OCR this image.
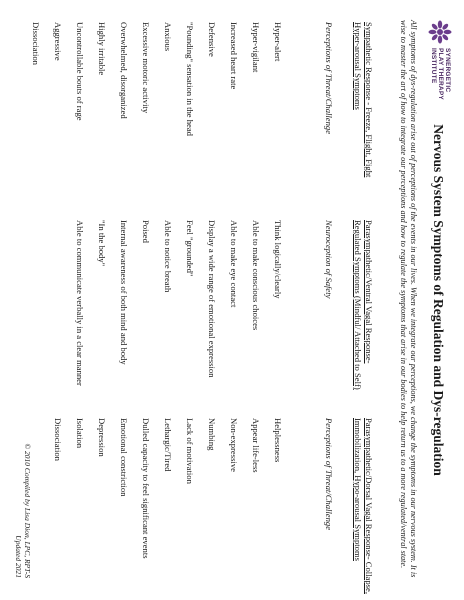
SYNERGETIC
PLAY THERAPY
INSTITUTE
Nervous System Symptoms of Regulation and Dys-regulation
All symptoms of dys-regulation arise out of perceptions of the events in our lives. When we integrate our perceptions, we change the symptoms in our nervous system. It is wise to master the art of how to integrate our perceptions and how to regulate the symptoms that arise in our bodies to help return us to a more regulated/ventral state.
Sympathetic Response - Freeze, Flight, Fight Hyper-arousal Symptoms
Perceptions of Threat/Challenge
Hyper-alert
Hyper-vigilant
Increased heart rate
Defensive
"Pounding" sensation in the head
Anxious
Excessive motoric activity
Overwhelmed, disorganized
Highly irritable
Uncontrollable bouts of rage
Aggressive
Dissociation
Parasympathetic/Ventral Vagal Response- Regulated Symptoms (Mindful/ Attached to Self)
Neuroception of Safety
Think logically/clearly
Able to make conscious choices
Able to make eye contact
Display a wide range of emotional expression
Feel "grounded"
Able to notice breath
Poised
Internal awareness of both mind and body
"In the body"
Able to communicate verbally in a clear manner
Parasympathetic/Dorsal Vagal Response- Collapse, Immobilization, Hypo-arousal Symptoms
Perceptions of Threat/Challenge
Helplessness
Appear life-less
Non-expressive
Numbing
Lack of motivation
Lethargic/Tired
Dulled capacity to feel significant events
Emotional constriction
Depression
Isolation
Dissociation
© 2010 Compiled by Lisa Dion, LPC, RPT-S
Updated 2021
